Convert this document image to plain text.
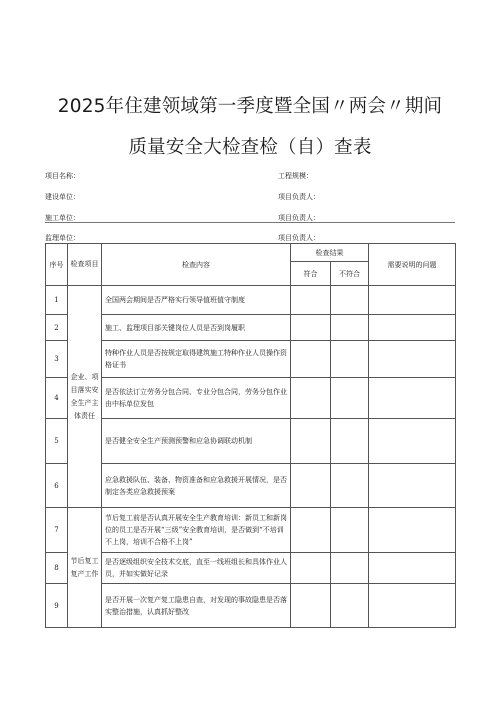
2025年住建领域第一季度暨全国〃两会〃期间
质量安全大检查检（自）查表
项目名称：	工程规模：
建设单位：	项目负责人：
施工单位：	项目负责人：
监理单位：	项目负责人：
序号	检查项目	检查内容	检查结果		需要说明的问题
			符合	不符合	
1	企业、项目落实安全生产主体责任	全国两会期间是否严格实行领导值班值守制度			
2		施工、监理项目部关键岗位人员是否到岗履职			
3		特种作业人员是否按规定取得建筑施工特种作业人员操作资格证书			
4		是否依法订立劳务分包合同、专业分包合同，劳务分包作业由中标单位发包			
5		是否健全安全生产预测预警和应急协调联动机制			
6		应急救援队伍、装备、物资准备和应急救援开展情况，是否制定各类应急救援预案			
7	节后复工复产工作	节后复工前是否认真开展安全生产教育培训：新员工和新岗位的员工是否开展“三级”安全教育培训，是否做到“不培训不上岗，培训不合格不上岗”			
8		是否逐级组织安全技术交底，直至一线班组长和具体作业人员，并如实做好记录			
9		是否开展一次复产复工隐患自查，对发现的事故隐患是否落实整治措施，认真抓好整改			
